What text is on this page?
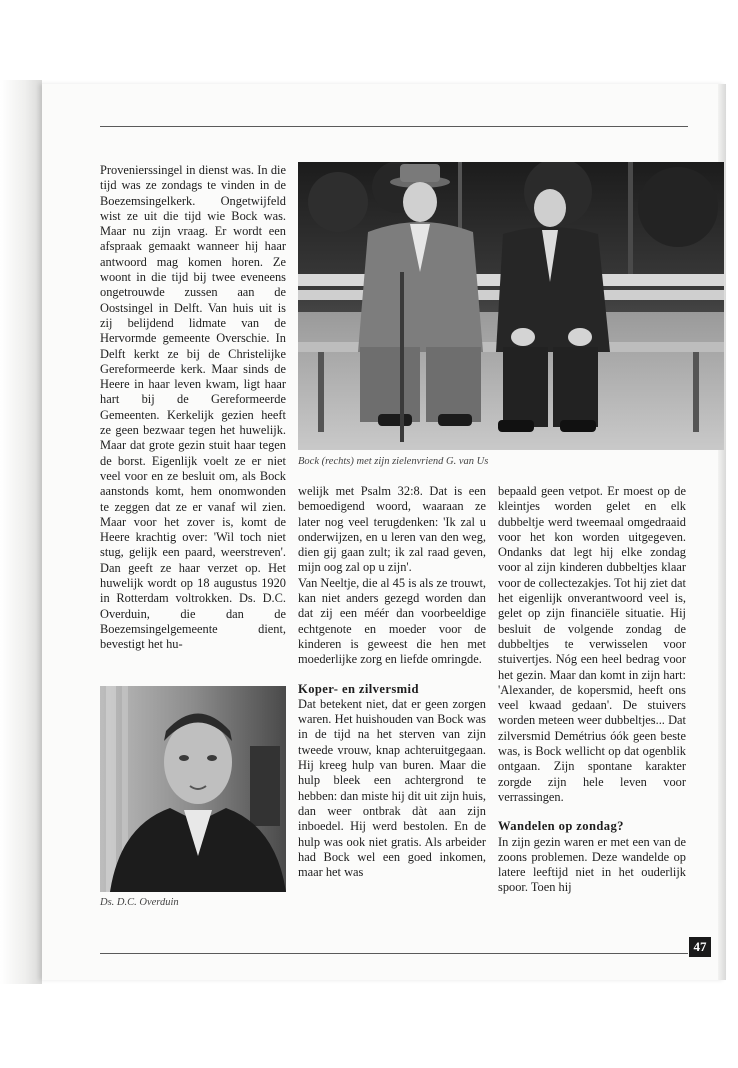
Provenierssingel in dienst was. In die tijd was ze zondags te vinden in de Boezemsingelkerk. Ongetwijfeld wist ze uit die tijd wie Bock was. Maar nu zijn vraag. Er wordt een afspraak gemaakt wanneer hij haar antwoord mag komen horen. Ze woont in die tijd bij twee eveneens ongetrouwde zussen aan de Oostsingel in Delft. Van huis uit is zij belijdend lidmate van de Hervormde gemeente Overschie. In Delft kerkt ze bij de Christelijke Gereformeerde kerk. Maar sinds de Heere in haar leven kwam, ligt haar hart bij de Gereformeerde Gemeenten. Kerkelijk gezien heeft ze geen bezwaar tegen het huwelijk. Maar dat grote gezin stuit haar tegen de borst. Eigenlijk voelt ze er niet veel voor en ze besluit om, als Bock aanstonds komt, hem onomwonden te zeggen dat ze er vanaf wil zien. Maar voor het zover is, komt de Heere krachtig over: 'Wil toch niet stug, gelijk een paard, weerstreven'. Dan geeft ze haar verzet op. Het huwelijk wordt op 18 augustus 1920 in Rotterdam voltrokken. Ds. D.C. Overduin, die dan de Boezemsingelgemeente dient, bevestigt het hu-

Bock (rechts) met zijn zielenvriend G. van Us

welijk met Psalm 32:8. Dat is een bemoedigend woord, waaraan ze later nog veel terugdenken: 'Ik zal u onderwijzen, en u leren van den weg, dien gij gaan zult; ik zal raad geven, mijn oog zal op u zijn'.

Van Neeltje, die al 45 is als ze trouwt, kan niet anders gezegd worden dan dat zij een méér dan voorbeeldige echtgenote en moeder voor de kinderen is geweest die hen met moederlijke zorg en liefde omringde.

Koper- en zilversmid

Dat betekent niet, dat er geen zorgen waren. Het huishouden van Bock was in de tijd na het sterven van zijn tweede vrouw, knap achteruitgegaan. Hij kreeg hulp van buren. Maar die hulp bleek een achtergrond te hebben: dan miste hij dit uit zijn huis, dan weer ontbrak dàt aan zijn inboedel. Hij werd bestolen. En de hulp was ook niet gratis. Als arbeider had Bock wel een goed inkomen, maar het was

bepaald geen vetpot. Er moest op de kleintjes worden gelet en elk dubbeltje werd tweemaal omgedraaid voor het kon worden uitgegeven. Ondanks dat legt hij elke zondag voor al zijn kinderen dubbeltjes klaar voor de collectezakjes. Tot hij ziet dat het eigenlijk onverantwoord veel is, gelet op zijn financiële situatie. Hij besluit de volgende zondag de dubbeltjes te verwisselen voor stuivertjes. Nóg een heel bedrag voor het gezin. Maar dan komt in zijn hart: 'Alexander, de kopersmid, heeft ons veel kwaad gedaan'. De stuivers worden meteen weer dubbeltjes... Dat zilversmid Demétrius óók geen beste was, is Bock wellicht op dat ogenblik ontgaan. Zijn spontane karakter zorgde zijn hele leven voor verrassingen.

Wandelen op zondag?

In zijn gezin waren er met een van de zoons problemen. Deze wandelde op latere leeftijd niet in het ouderlijk spoor. Toen hij

Ds. D.C. Overduin
47
